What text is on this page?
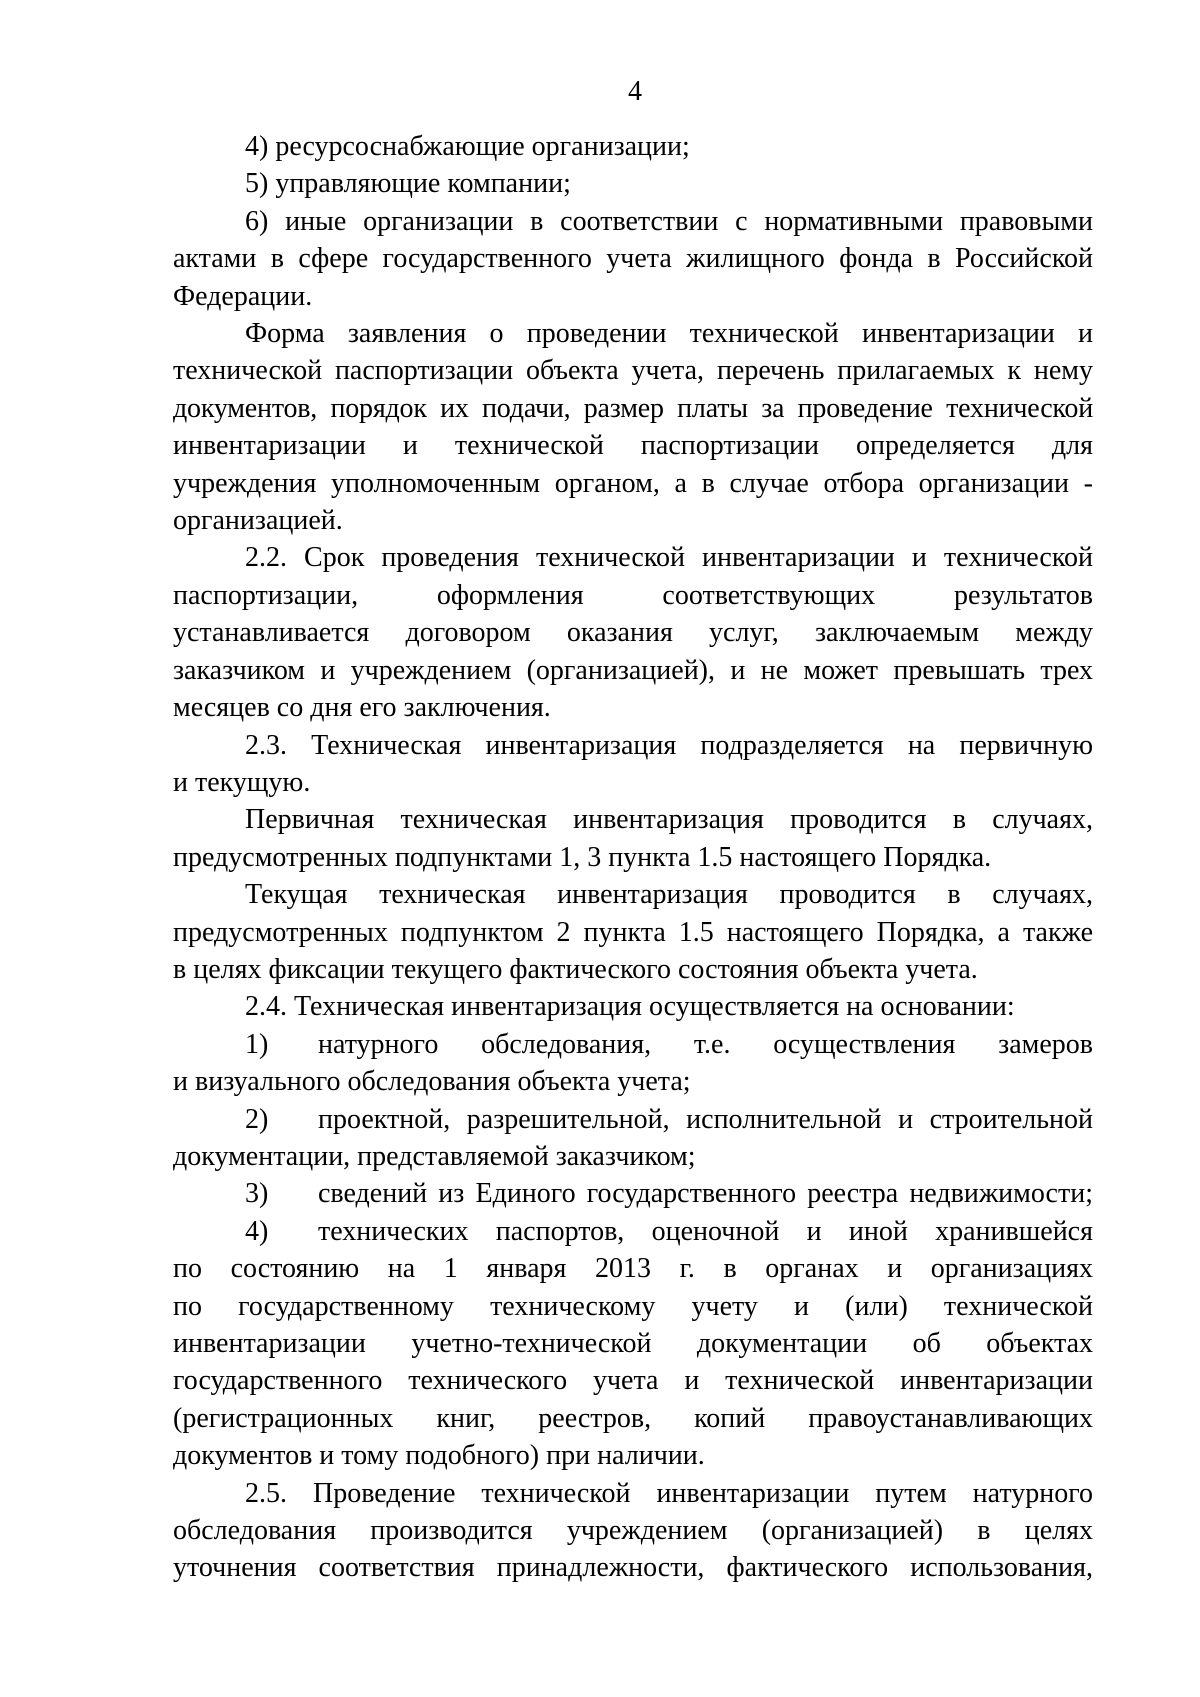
4

4) ресурсоснабжающие организации;

5) управляющие компании;

6) иные организации в соответствии с нормативными правовыми

актами в сфере государственного учета жилищного фонда в Российской

Федерации.

Форма заявления о проведении технической инвентаризации и

технической паспортизации объекта учета, перечень прилагаемых к нему

документов, порядок их подачи, размер платы за проведение технической

инвентаризации и технической паспортизации определяется для

учреждения уполномоченным органом, а в случае отбора организации -

организацией.

2.2. Срок проведения технической инвентаризации и технической

паспортизации, оформления соответствующих результатов

устанавливается договором оказания услуг, заключаемым между

заказчиком и учреждением (организацией), и не может превышать трех

месяцев со дня его заключения.

2.3. Техническая инвентаризация подразделяется на первичную

и текущую.

Первичная техническая инвентаризация проводится в случаях,

предусмотренных подпунктами 1, 3 пункта 1.5 настоящего Порядка.

Текущая техническая инвентаризация проводится в случаях,

предусмотренных подпунктом 2 пункта 1.5 настоящего Порядка, а также

в целях фиксации текущего фактического состояния объекта учета.

2.4. Техническая инвентаризация осуществляется на основании:

1)	натурного обследования, т.е. осуществления замеров

и визуального обследования объекта учета;

2)	проектной, разрешительной, исполнительной и строительной

документации, представляемой заказчиком;

3)	сведений из Единого государственного реестра недвижимости;
4)	технических паспортов, оценочной и иной хранившейся

по состоянию на 1 января 2013 г. в органах и организациях

по государственному техническому учету и (или) технической

инвентаризации учетно-технической документации об объектах

государственного технического учета и технической инвентаризации

(регистрационных книг, реестров, копий правоустанавливающих

документов и тому подобного) при наличии.

2.5. Проведение технической инвентаризации путем натурного

обследования производится учреждением (организацией) в целях

уточнения соответствия принадлежности, фактического использования,
